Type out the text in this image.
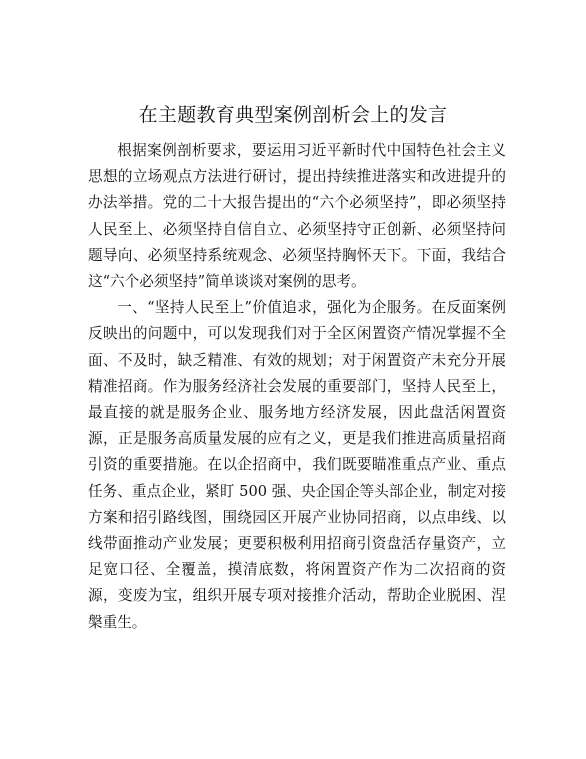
在主题教育典型案例剖析会上的发言

根据案例剖析要求，要运用习近平新时代中国特色社会主义思想的立场观点方法进行研讨，提出持续推进落实和改进提升的办法举措。党的二十大报告提出的“六个必须坚持”，即必须坚持人民至上、必须坚持自信自立、必须坚持守正创新、必须坚持问题导向、必须坚持系统观念、必须坚持胸怀天下。下面，我结合这“六个必须坚持”简单谈谈对案例的思考。

一、“坚持人民至上”价值追求，强化为企服务。在反面案例反映出的问题中，可以发现我们对于全区闲置资产情况掌握不全面、不及时，缺乏精准、有效的规划；对于闲置资产未充分开展精准招商。作为服务经济社会发展的重要部门，坚持人民至上，最直接的就是服务企业、服务地方经济发展，因此盘活闲置资源，正是服务高质量发展的应有之义，更是我们推进高质量招商引资的重要措施。在以企招商中，我们既要瞄准重点产业、重点任务、重点企业，紧盯 500 强、央企国企等头部企业，制定对接方案和招引路线图，围绕园区开展产业协同招商，以点串线、以线带面推动产业发展；更要积极利用招商引资盘活存量资产，立足宽口径、全覆盖，摸清底数，将闲置资产作为二次招商的资源，变废为宝，组织开展专项对接推介活动，帮助企业脱困、涅槃重生。
